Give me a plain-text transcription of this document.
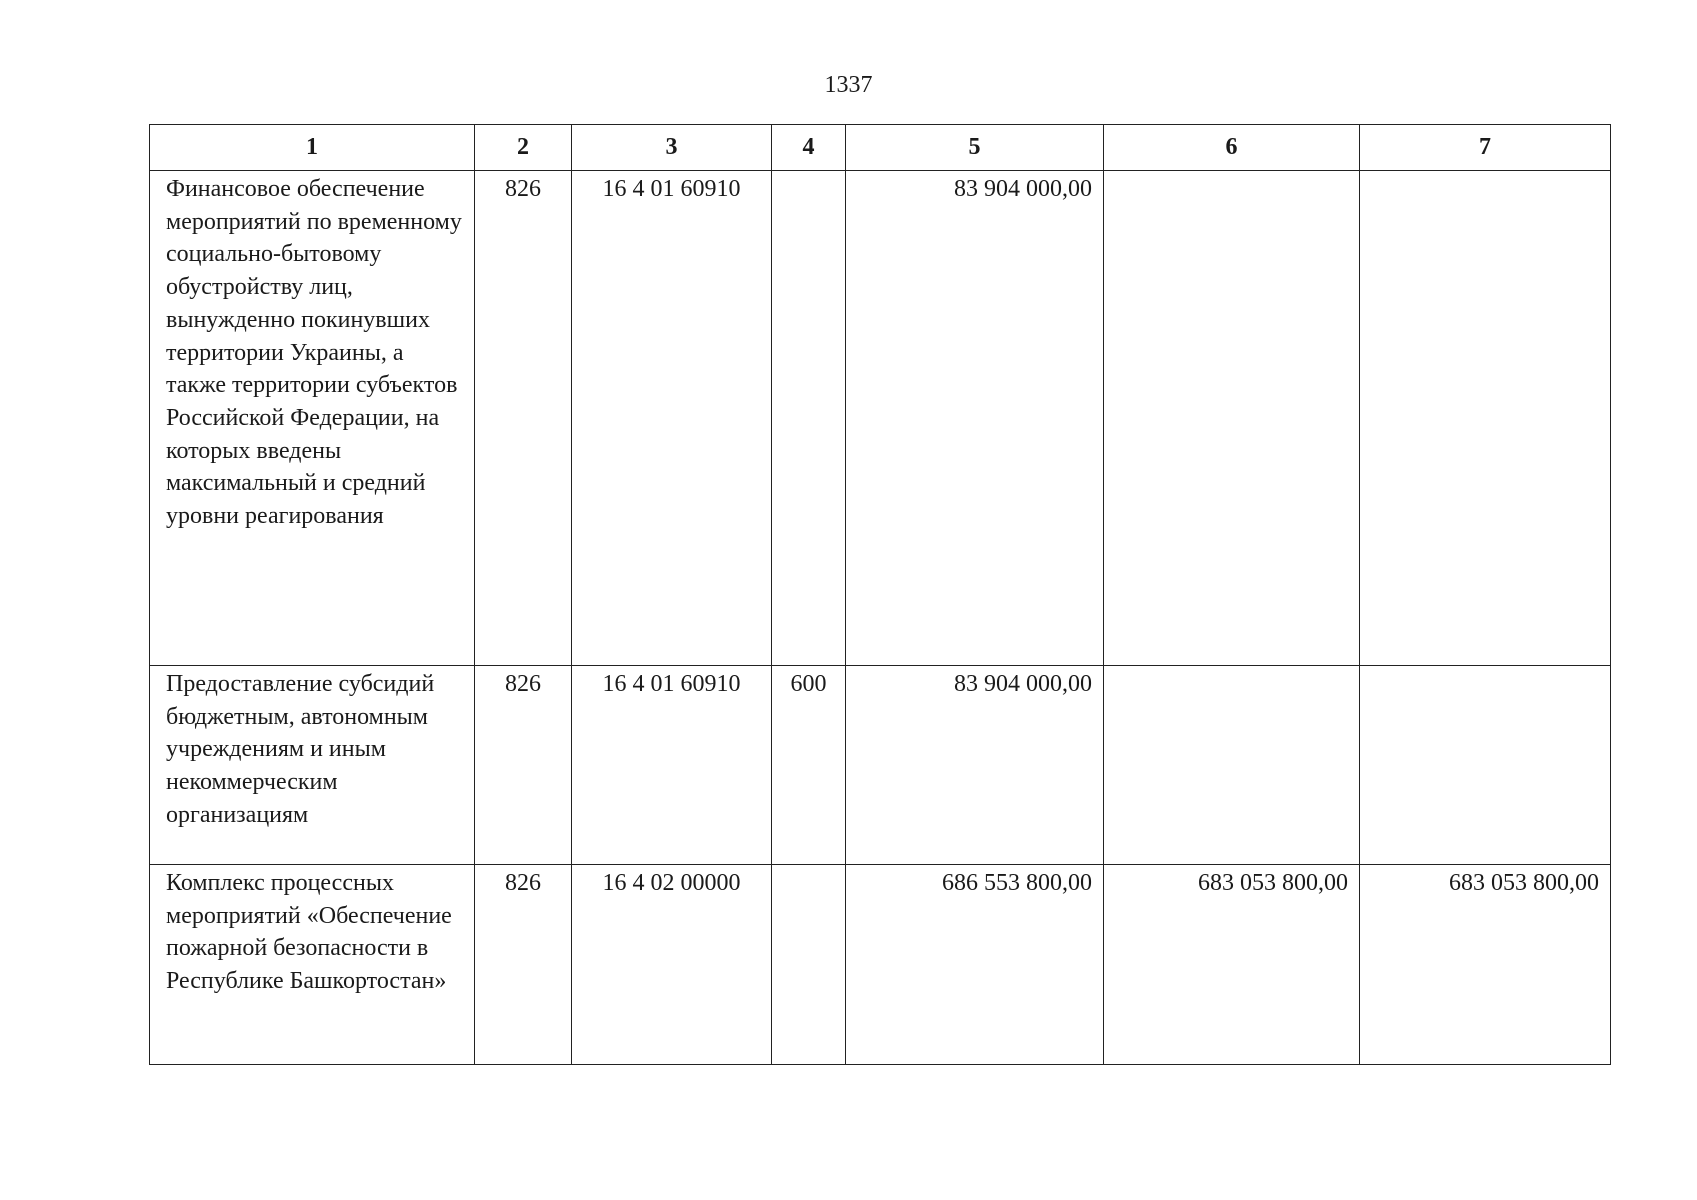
1337
1	2	3	4	5	6	7
Финансовое обеспечение мероприятий по временному социально-бытовому обустройству лиц, вынужденно покинувших территории Украины, а также территории субъектов Российской Федерации, на которых введены максимальный и средний уровни реагирования	826	16 4 01 60910		83 904 000,00		
Предоставление субсидий бюджетным, автономным учреждениям и иным некоммерческим организациям	826	16 4 01 60910	600	83 904 000,00		
Комплекс процессных мероприятий «Обеспечение пожарной безопасности в Республике Башкортостан»	826	16 4 02 00000		686 553 800,00	683 053 800,00	683 053 800,00
